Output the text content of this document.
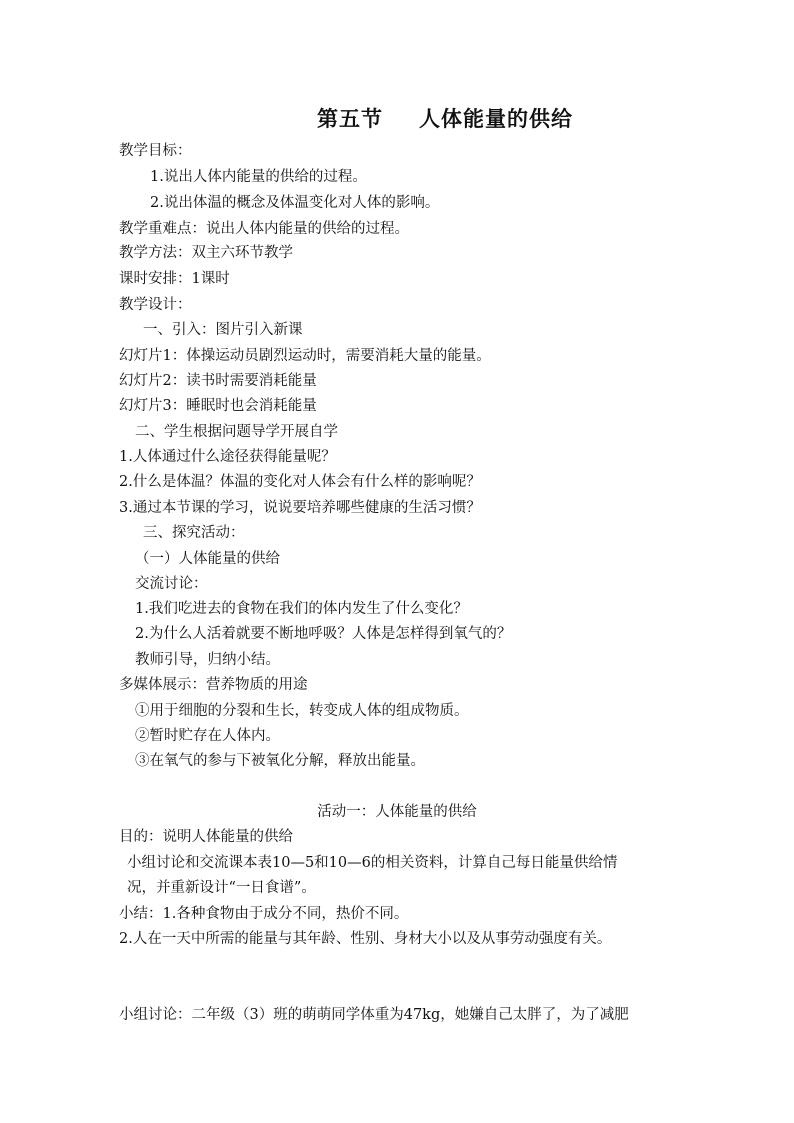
第五节 人体能量的供给
教学目标：
1.说出人体内能量的供给的过程。
2.说出体温的概念及体温变化对人体的影响。
教学重难点：说出人体内能量的供给的过程。
教学方法：双主六环节教学
课时安排：1课时
教学设计：
一、引入：图片引入新课
幻灯片1：体操运动员剧烈运动时，需要消耗大量的能量。
幻灯片2：读书时需要消耗能量
幻灯片3：睡眠时也会消耗能量
二、学生根据问题导学开展自学
1.人体通过什么途径获得能量呢？
2.什么是体温？体温的变化对人体会有什么样的影响呢？
3.通过本节课的学习，说说要培养哪些健康的生活习惯？
三、探究活动：
（一）人体能量的供给
交流讨论：
1.我们吃进去的食物在我们的体内发生了什么变化？
2.为什么人活着就要不断地呼吸？人体是怎样得到氧气的？
教师引导，归纳小结。
多媒体展示：营养物质的用途
①用于细胞的分裂和生长，转变成人体的组成物质。
②暂时贮存在人体内。
③在氧气的参与下被氧化分解，释放出能量。
活动一：人体能量的供给
目的：说明人体能量的供给
小组讨论和交流课本表10—5和10—6的相关资料，计算自己每日能量供给情
况，并重新设计“一日食谱”。
小结：1.各种食物由于成分不同，热价不同。
2.人在一天中所需的能量与其年龄、性别、身材大小以及从事劳动强度有关。
小组讨论：二年级（3）班的萌萌同学体重为47kg，她嫌自己太胖了，为了减肥
